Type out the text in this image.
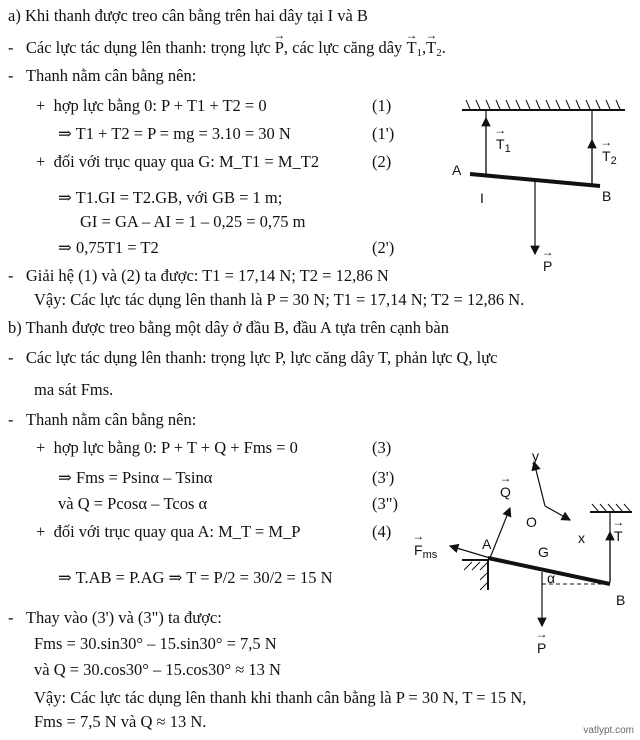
a) Khi thanh được treo cân bằng trên hai dây tại I và B
-   Các lực tác dụng lên thanh: trọng lực → P, các lực căng dây → $T_1,\to T_2$.
-   Thanh nằm cân bằng nên:
+  hợp lực bằng 0: P + T1 + T2 = 0	(1)
⇒ T1 + T2 = P = mg = 3.10 = 30 N	(1')
+  đối với trục quay qua G: M_T1 = M_T2	(2)
⇒ T1.GI = T2.GB, với GB = 1 m;
GI = GA – AI = 1 – 0,25 = 0,75 m
⇒ 0,75T1 = T2	(2')
-   Giải hệ (1) và (2) ta được: T1 = 17,14 N; T2 = 12,86 N
Vậy: Các lực tác dụng lên thanh là P = 30 N; T1 = 17,14 N; T2 = 12,86 N.
→ $T_1$	→ $T_2$
A
I	B
→ P
b) Thanh được treo bằng một dây ở đầu B, đầu A tựa trên cạnh bàn
-   Các lực tác dụng lên thanh: trọng lực P, lực căng dây T, phản lực Q, lực
ma sát Fms.
-   Thanh nằm cân bằng nên:
+  hợp lực bằng 0: P + T + Q + Fms = 0	(3)
⇒ Fms = Psinα – Tsinα	(3')
và Q = Pcosα – Tcos α	(3")
+  đối với trục quay qua A: M_T = M_P	(4)
⇒ T.AB = P.AG ⇒ T = P/2 = 30/2 = 15 N
-   Thay vào (3') và (3") ta được:
Fms = 30.sin30° – 15.sin30° = 7,5 N
và Q = 30.cos30° – 15.cos30° ≈ 13 N
Vậy: Các lực tác dụng lên thanh khi thanh cân bằng là P = 30 N, T = 15 N,
Fms = 7,5 N và Q ≈ 13 N.
y
→ Q
O
x → T
→ $F_{ms}$
A	G
α
B
→ P
vatlypt.com
